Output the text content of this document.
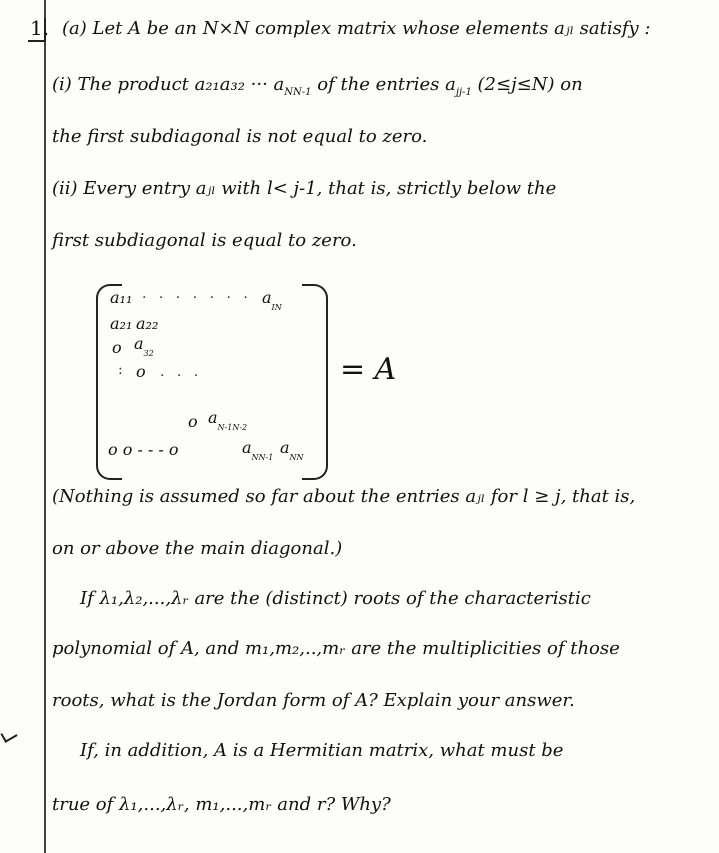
1. (a) Let A be an N×N complex matrix whose elements aⱼₗ satisfy :
(i) The product a₂₁a₃₂ ··· $a_{NN-1}$ of the entries $a_{jj-1}$ (2≤j≤N) on
the first subdiagonal is not equal to zero.
(ii) Every entry aⱼₗ with l< j-1, that is, strictly below the
first subdiagonal is equal to zero.
a₁₁ · · · · · · · $a_{IN}$
a₂₁ a₂₂
o $a_{32}$
: o · · ·
o $a_{N-1N-2}$
o o - - - o	$a_{NN-1}$
$a_{NN}$
= A
(Nothing is assumed so far about the entries aⱼₗ for l ≥ j, that is,
on or above the main diagonal.)
If λ₁,λ₂,...,λᵣ are the (distinct) roots of the characteristic
polynomial of A, and m₁,m₂,..,mᵣ are the multiplicities of those
roots, what is the Jordan form of A? Explain your answer.
If, in addition, A is a Hermitian matrix, what must be
true of λ₁,...,λᵣ, m₁,...,mᵣ and r? Why?
